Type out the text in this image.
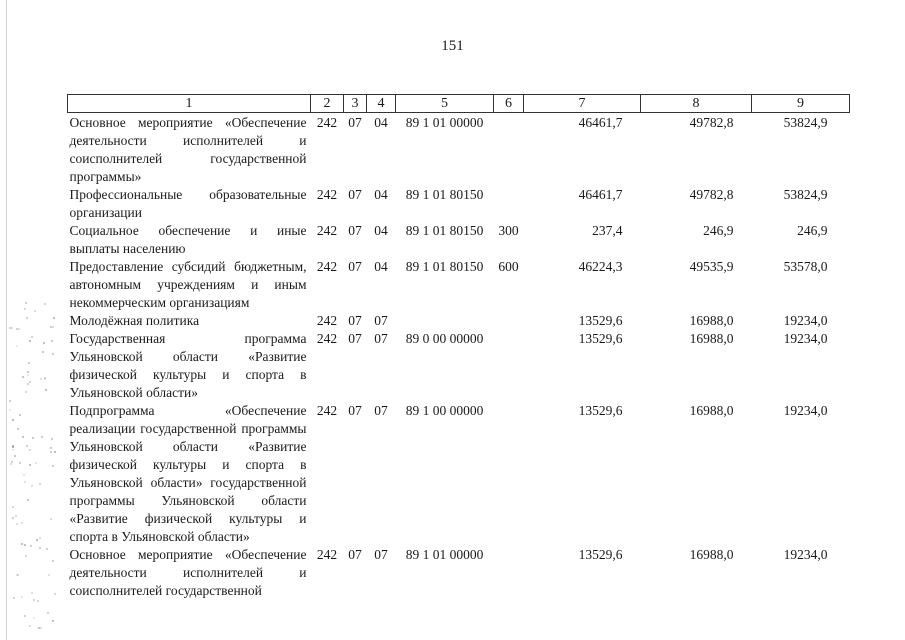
151
1	2	3	4	5	6	7	8	9
Основное мероприятие «Обеспечение деятельности исполнителей и соисполнителей государственной программы»	242	07	04	89 1 01 00000		46461,7	49782,8	53824,9
Профессиональные образовательные организации	242	07	04	89 1 01 80150		46461,7	49782,8	53824,9
Социальное обеспечение и иные выплаты населению	242	07	04	89 1 01 80150	300	237,4	246,9	246,9
Предоставление субсидий бюджетным, автономным учреждениям и иным некоммерческим организациям	242	07	04	89 1 01 80150	600	46224,3	49535,9	53578,0
Молодёжная политика	242	07	07			13529,6	16988,0	19234,0
Государственная программа Ульяновской области «Развитие физической культуры и спорта в Ульяновской области»	242	07	07	89 0 00 00000		13529,6	16988,0	19234,0
Подпрограмма «Обеспечение реализации государственной программы Ульяновской области «Развитие физической культуры и спорта в Ульяновской области» государственной программы Ульяновской области «Развитие физической культуры и спорта в Ульяновской области»	242	07	07	89 1 00 00000		13529,6	16988,0	19234,0
Основное мероприятие «Обеспечение деятельности исполнителей и соисполнителей государственной	242	07	07	89 1 01 00000		13529,6	16988,0	19234,0
